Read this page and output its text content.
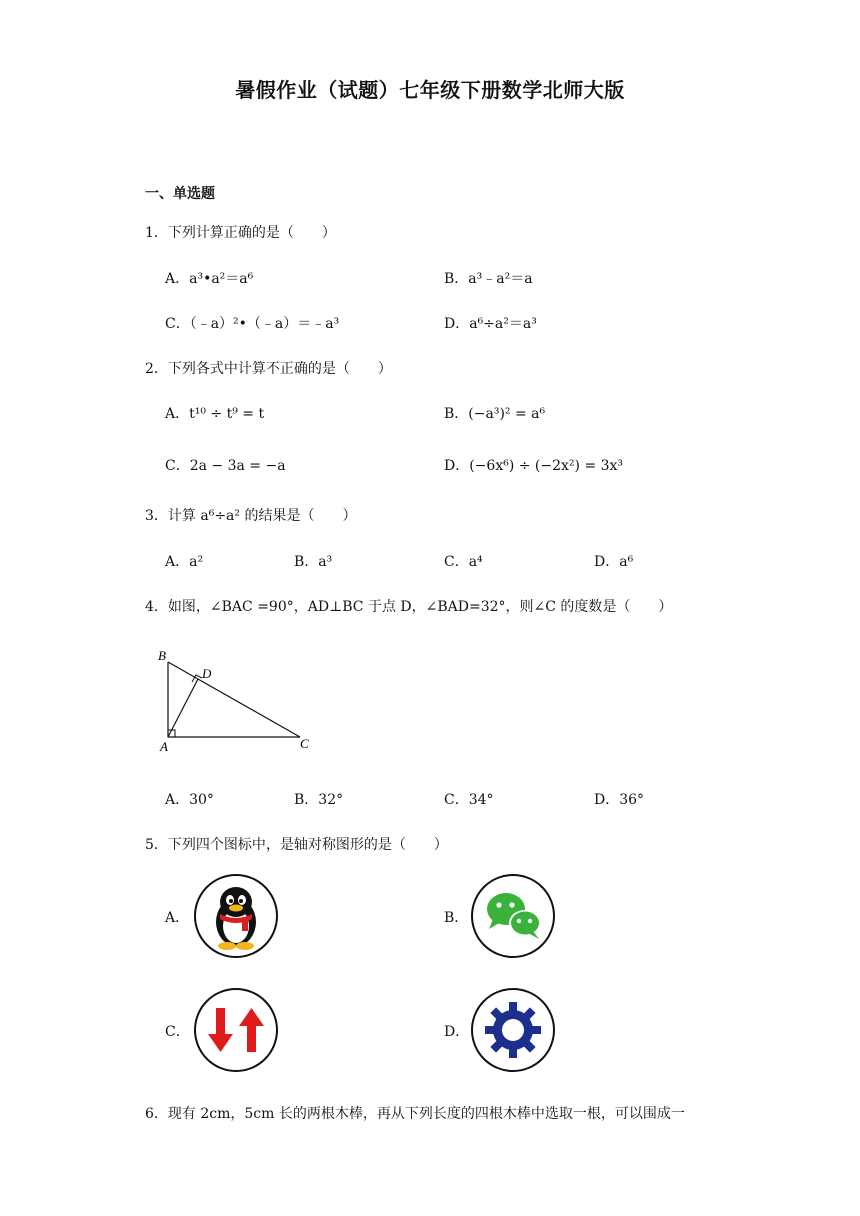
暑假作业（试题）七年级下册数学北师大版
一、单选题
1．下列计算正确的是（　　）
A．a³•a²＝a⁶	B．a³﹣a²＝a
C．（﹣a）²•（﹣a）＝﹣a³	D．a⁶÷a²＝a³
2．下列各式中计算不正确的是（　　）
A．t¹⁰ ÷ t⁹ = t	B．(−a³)² = a⁶
C．2a − 3a = −a	D．(−6x⁶) ÷ (−2x²) = 3x³
3．计算 a⁶÷a² 的结果是（　　）
A．a²	B．a³	C．a⁴	D．a⁶
4．如图，∠BAC =90°，AD⊥BC 于点 D，∠BAD=32°，则∠C 的度数是（　　）
B
D
A	C
A．30°	B．32°	C．34°	D．36°
5．下列四个图标中，是轴对称图形的是（　　）
A．	B．
C．	D．
6．现有 2cm，5cm 长的两根木棒，再从下列长度的四根木棒中选取一根，可以围成一
